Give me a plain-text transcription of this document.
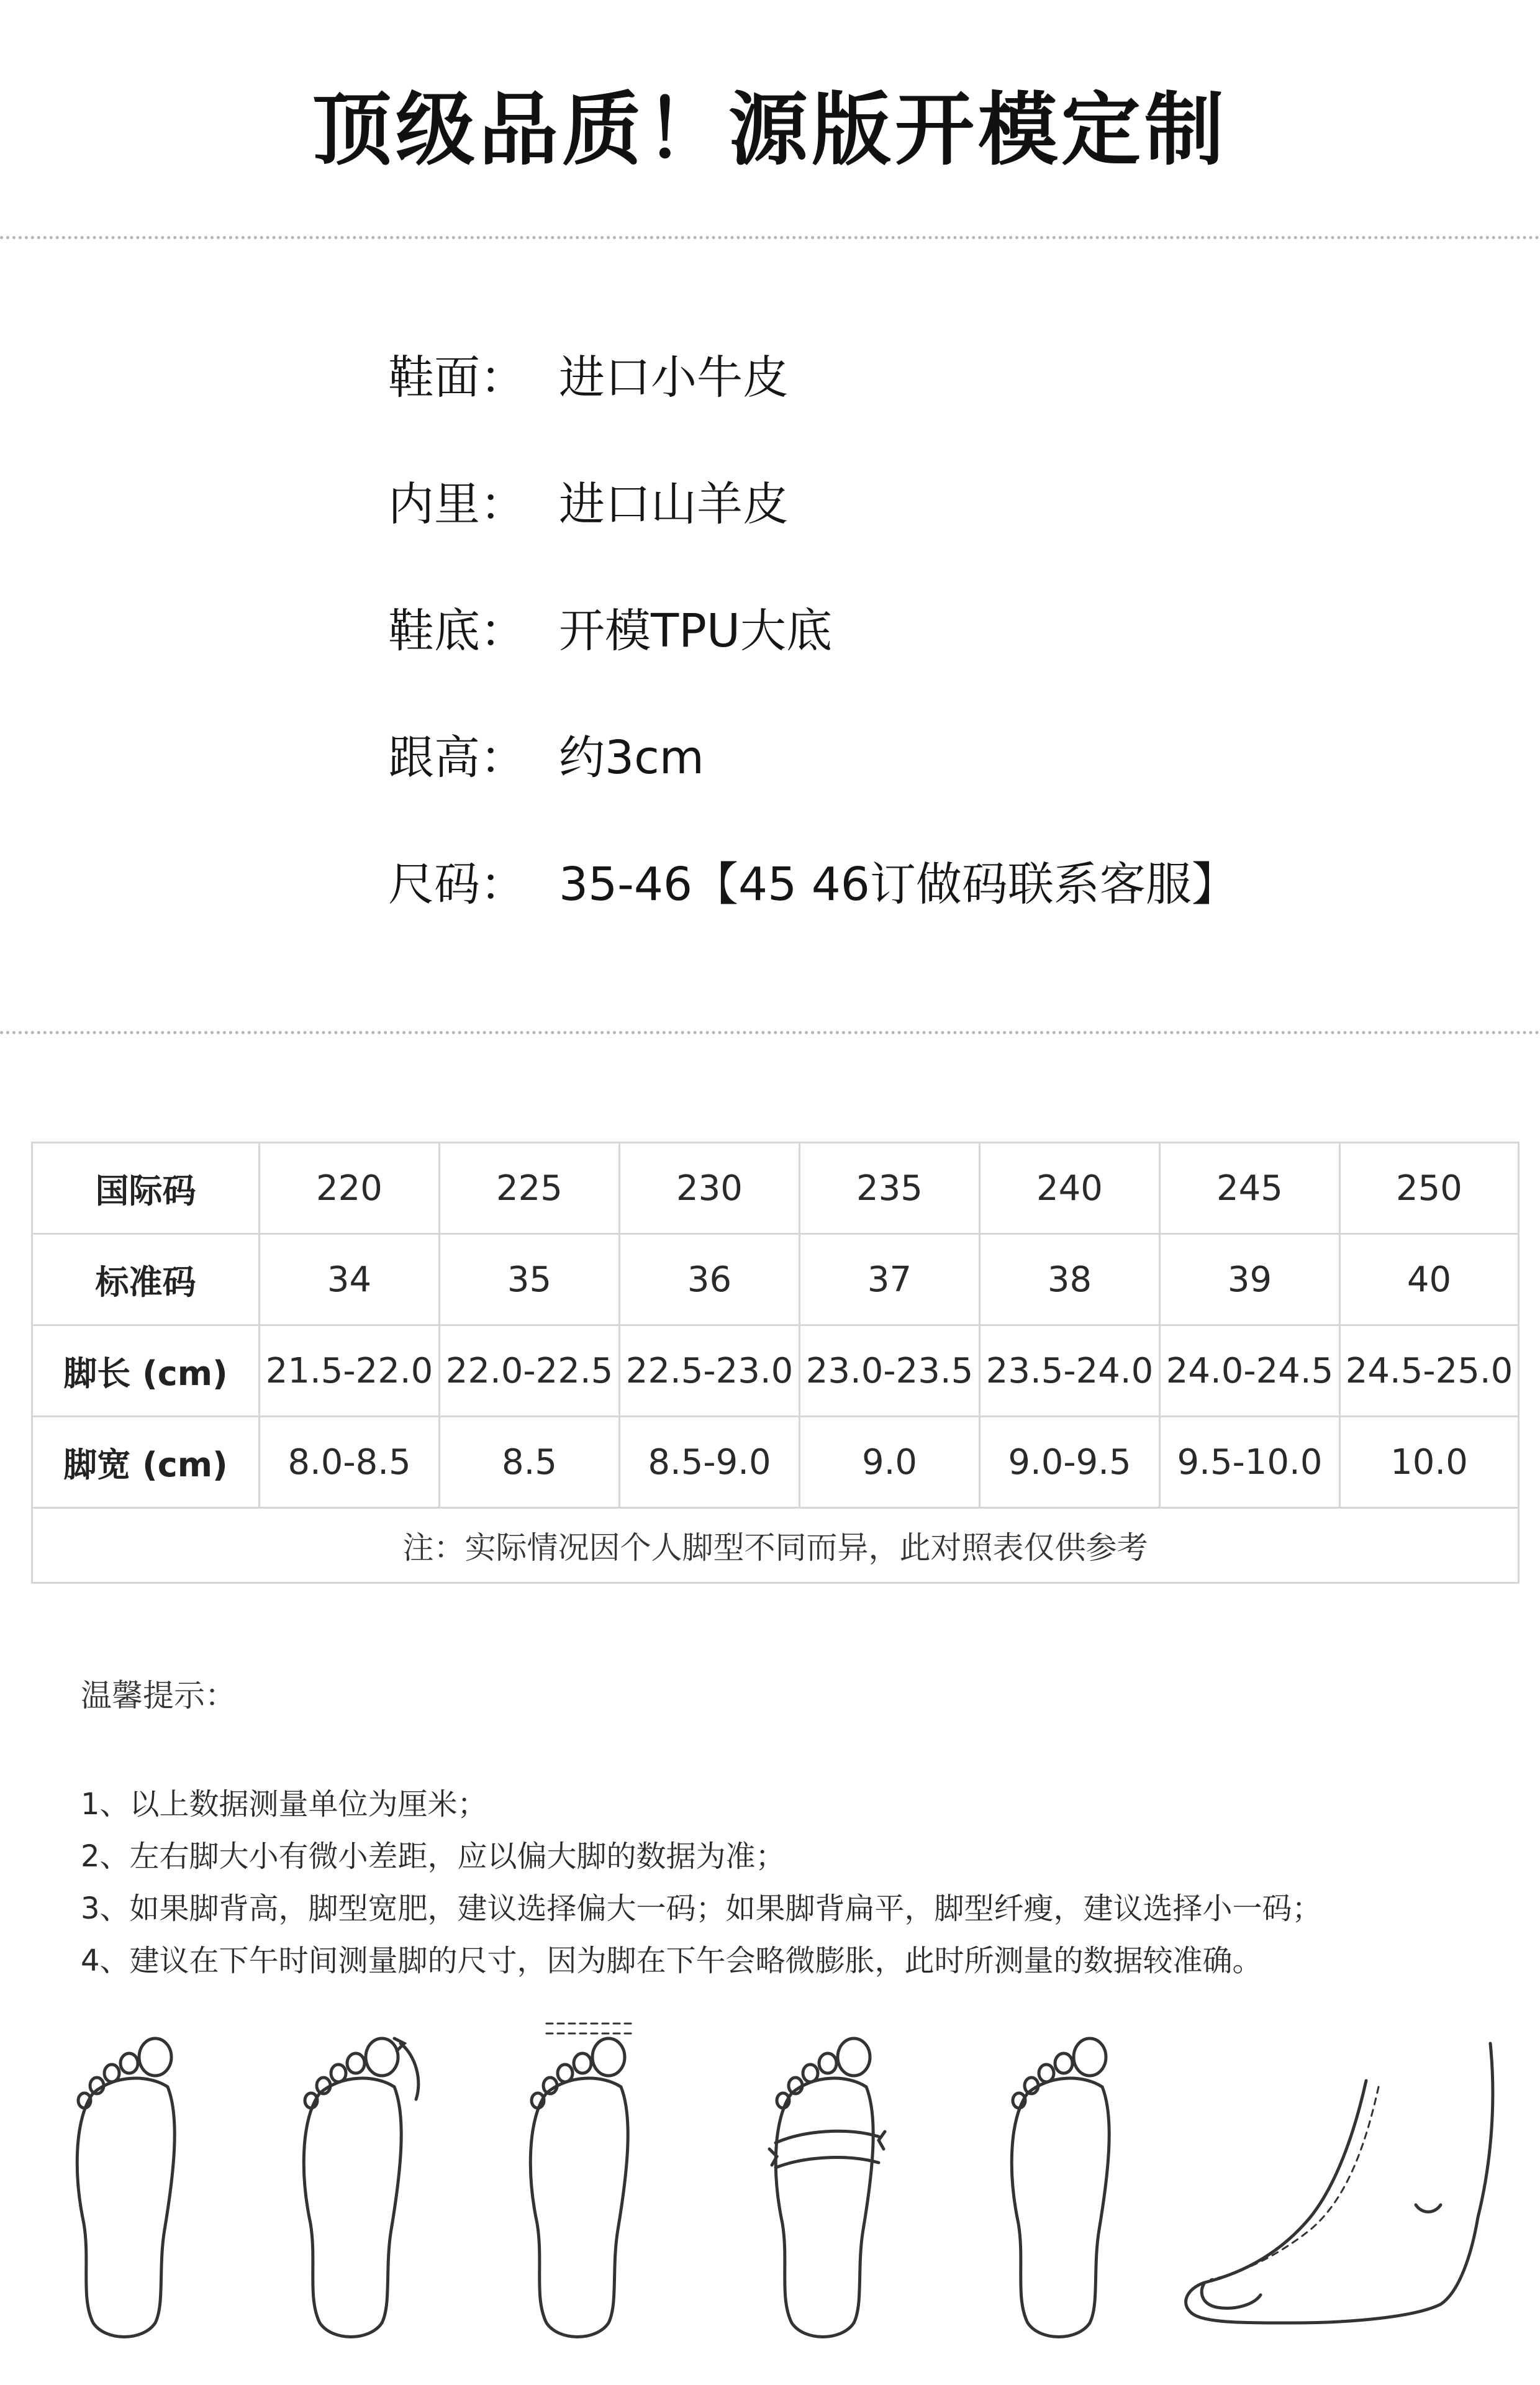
顶级品质！源版开模定制
鞋面： 进口小牛皮
内里： 进口山羊皮
鞋底： 开模TPU大底
跟高： 约3cm
尺码： 35-46【45 46订做码联系客服】
国际码	220	225	230	235	240	245	250
标准码	34	35	36	37	38	39	40
脚长 (cm)	21.5-22.0	22.0-22.5	22.5-23.0	23.0-23.5	23.5-24.0	24.0-24.5	24.5-25.0
脚宽 (cm)	8.0-8.5	8.5	8.5-9.0	9.0	9.0-9.5	9.5-10.0	10.0
注：实际情况因个人脚型不同而异，此对照表仅供参考							
温馨提示：
1、以上数据测量单位为厘米；
2、左右脚大小有微小差距，应以偏大脚的数据为准；
3、如果脚背高，脚型宽肥，建议选择偏大一码；如果脚背扁平，脚型纤瘦，建议选择小一码；
4、建议在下午时间测量脚的尺寸，因为脚在下午会略微膨胀，此时所测量的数据较准确。
